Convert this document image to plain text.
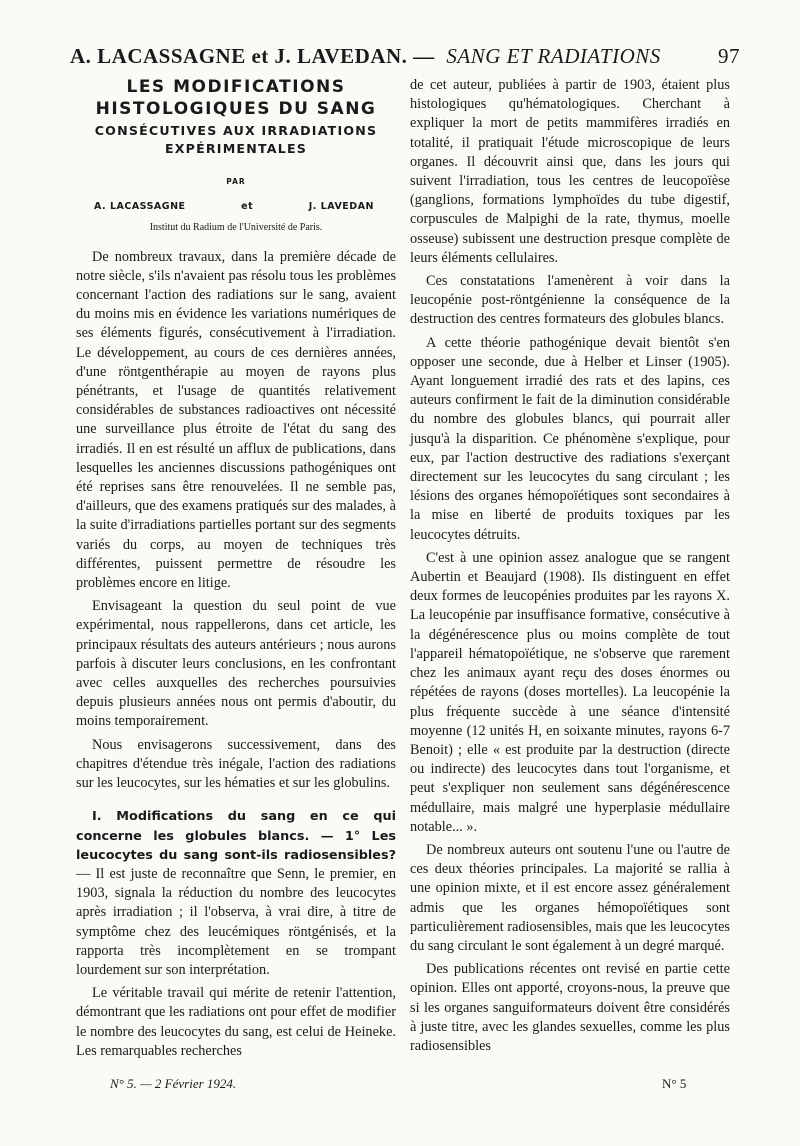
A. LACASSAGNE et J. LAVEDAN. — SANG ET RADIATIONS	97
LES MODIFICATIONS
HISTOLOGIQUES DU SANG
CONSÉCUTIVES AUX IRRADIATIONS
EXPÉRIMENTALES
PAR
A. LACASSAGNE	et	J. LAVEDAN
Institut du Radium de l'Université de Paris.

De nombreux travaux, dans la première décade de notre siècle, s'ils n'avaient pas résolu tous les problèmes concernant l'action des radiations sur le sang, avaient du moins mis en évidence les variations numériques de ses éléments figurés, consécutivement à l'irradiation. Le développement, au cours de ces dernières années, d'une röntgenthérapie au moyen de rayons plus pénétrants, et l'usage de quantités relativement considérables de substances radioactives ont nécessité une surveillance plus étroite de l'état du sang des irradiés. Il en est résulté un afflux de publications, dans lesquelles les anciennes discussions pathogéniques ont été reprises sans être renouvelées. Il ne semble pas, d'ailleurs, que des examens pratiqués sur des malades, à la suite d'irradiations partielles portant sur des segments variés du corps, au moyen de techniques très différentes, puissent permettre de résoudre les problèmes encore en litige.

Envisageant la question du seul point de vue expérimental, nous rappellerons, dans cet article, les principaux résultats des auteurs antérieurs ; nous aurons parfois à discuter leurs conclusions, en les confrontant avec celles auxquelles des recherches poursuivies depuis plusieurs années nous ont permis d'aboutir, du moins temporairement.

Nous envisagerons successivement, dans des chapitres d'étendue très inégale, l'action des radiations sur les leucocytes, sur les hématies et sur les globulins.

I. Modifications du sang en ce qui concerne les globules blancs. — 1° Les leucocytes du sang sont-ils radiosensibles? — Il est juste de reconnaître que Senn, le premier, en 1903, signala la réduction du nombre des leucocytes après irradiation ; il l'observa, à vrai dire, à titre de symptôme chez des leucémiques röntgénisés, et la rapporta très incomplètement en se trompant lourdement sur son interprétation.

Le véritable travail qui mérite de retenir l'attention, démontrant que les radiations ont pour effet de modifier le nombre des leucocytes du sang, est celui de Heineke. Les remarquables recherches

de cet auteur, publiées à partir de 1903, étaient plus histologiques qu'hématologiques. Cherchant à expliquer la mort de petits mammifères irradiés en totalité, il pratiquait l'étude microscopique de leurs organes. Il découvrit ainsi que, dans les jours qui suivent l'irradiation, tous les centres de leucopoïèse (ganglions, formations lymphoïdes du tube digestif, corpuscules de Malpighi de la rate, thymus, moelle osseuse) subissent une destruction presque complète de leurs éléments cellulaires.

Ces constatations l'amenèrent à voir dans la leucopénie post-röntgénienne la conséquence de la destruction des centres formateurs des globules blancs.

A cette théorie pathogénique devait bientôt s'en opposer une seconde, due à Helber et Linser (1905). Ayant longuement irradié des rats et des lapins, ces auteurs confirment le fait de la diminution considérable du nombre des globules blancs, qui pourrait aller jusqu'à la disparition. Ce phénomène s'explique, pour eux, par l'action destructive des radiations s'exerçant directement sur les leucocytes du sang circulant ; les lésions des organes hémopoïétiques sont secondaires à la mise en liberté de produits toxiques par les leucocytes détruits.

C'est à une opinion assez analogue que se rangent Aubertin et Beaujard (1908). Ils distinguent en effet deux formes de leucopénies produites par les rayons X. La leucopénie par insuffisance formative, consécutive à la dégénérescence plus ou moins complète de tout l'appareil hématopoïétique, ne s'observe que rarement chez les animaux ayant reçu des doses énormes ou répétées de rayons (doses mortelles). La leucopénie la plus fréquente succède à une séance d'intensité moyenne (12 unités H, en soixante minutes, rayons 6-7 Benoit) ; elle « est produite par la destruction (directe ou indirecte) des leucocytes dans tout l'organisme, et peut s'expliquer non seulement sans dégénérescence médullaire, mais malgré une hyperplasie médullaire notable... ».

De nombreux auteurs ont soutenu l'une ou l'autre de ces deux théories principales. La majorité se rallia à une opinion mixte, et il est encore assez généralement admis que les organes hémopoïétiques sont particulièrement radiosensibles, mais que les leucocytes du sang circulant le sont également à un degré marqué.

Des publications récentes ont revisé en partie cette opinion. Elles ont apporté, croyons-nous, la preuve que si les organes sanguiformateurs doivent être considérés à juste titre, avec les glandes sexuelles, comme les plus radiosensibles

N° 5. — 2 Février 1924.	N° 5
